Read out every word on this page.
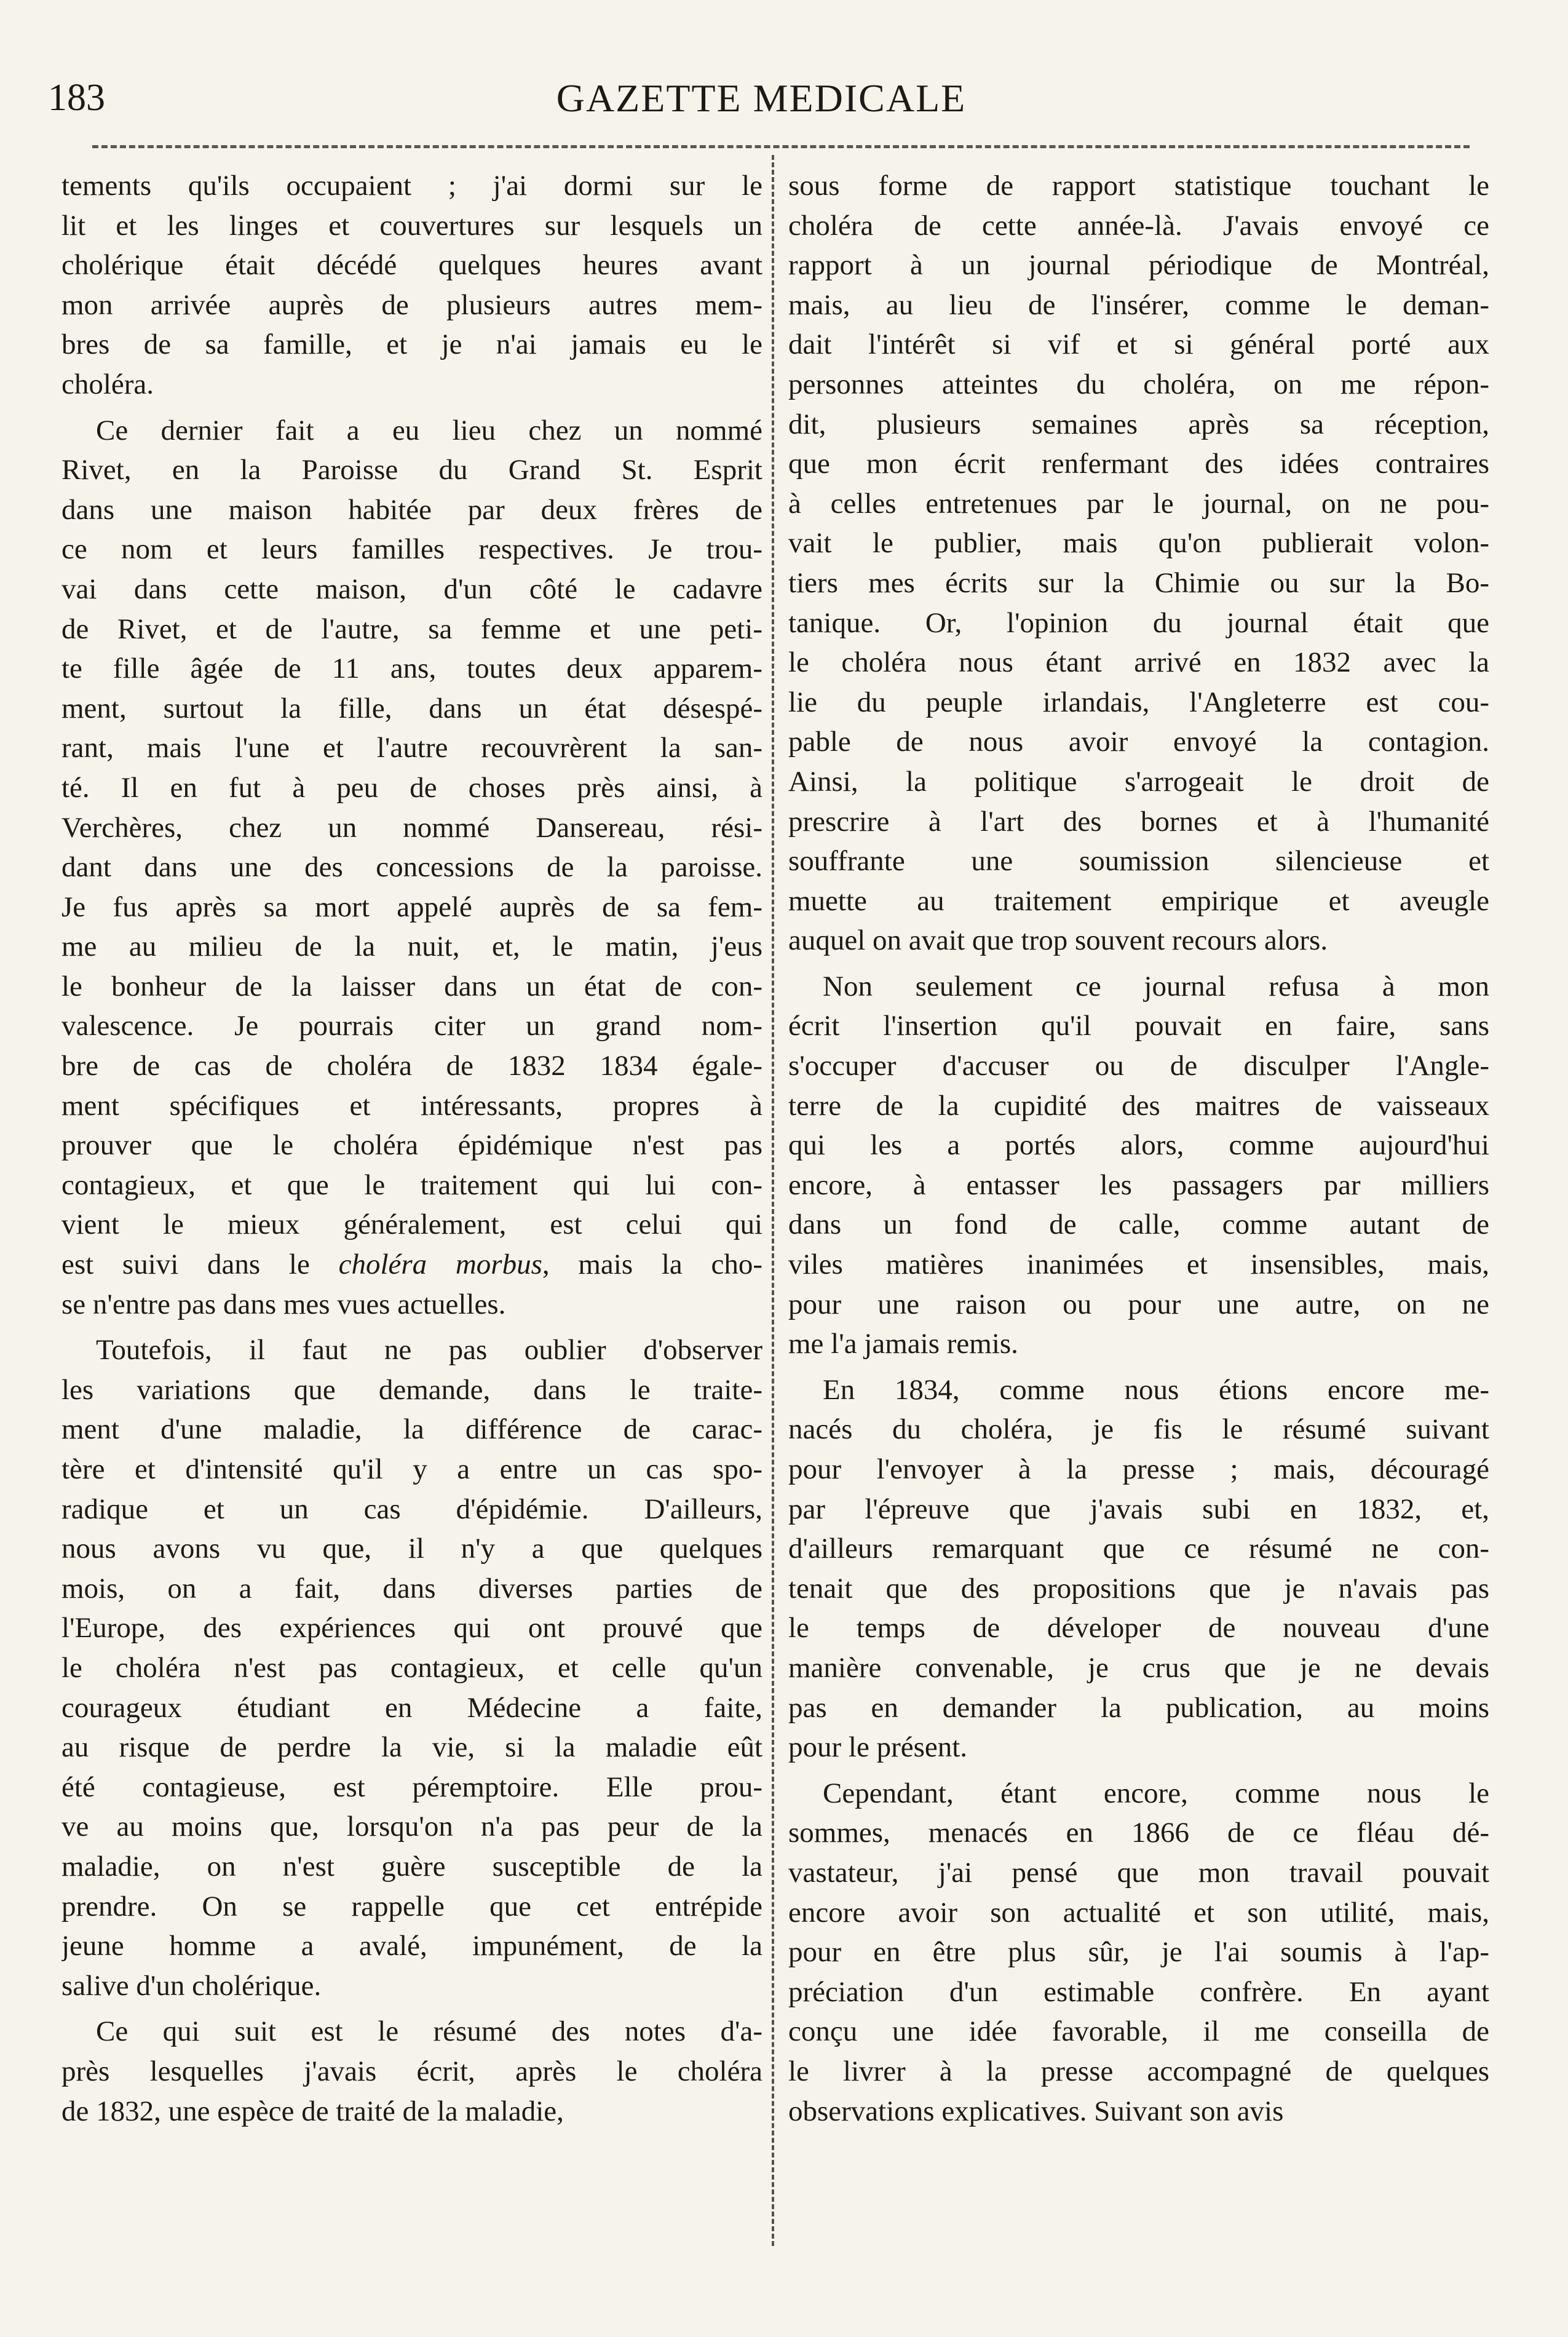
183	GAZETTE MEDICALE

tements qu'ils occupaient ; j'ai dormi sur le
lit et les linges et couvertures sur lesquels un
cholérique était décédé quelques heures avant
mon arrivée auprès de plusieurs autres mem-
bres de sa famille, et je n'ai jamais eu le
choléra.

Ce dernier fait a eu lieu chez un nommé
Rivet, en la Paroisse du Grand St. Esprit
dans une maison habitée par deux frères de
ce nom et leurs familles respectives. Je trou-
vai dans cette maison, d'un côté le cadavre
de Rivet, et de l'autre, sa femme et une peti-
te fille âgée de 11 ans, toutes deux apparem-
ment, surtout la fille, dans un état désespé-
rant, mais l'une et l'autre recouvrèrent la san-
té. Il en fut à peu de choses près ainsi, à
Verchères, chez un nommé Dansereau, rési-
dant dans une des concessions de la paroisse.
Je fus après sa mort appelé auprès de sa fem-
me au milieu de la nuit, et, le matin, j'eus
le bonheur de la laisser dans un état de con-
valescence. Je pourrais citer un grand nom-
bre de cas de choléra de 1832 1834 égale-
ment spécifiques et intéressants, propres à
prouver que le choléra épidémique n'est pas
contagieux, et que le traitement qui lui con-
vient le mieux généralement, est celui qui
est suivi dans le choléra morbus, mais la cho-
se n'entre pas dans mes vues actuelles.

Toutefois, il faut ne pas oublier d'observer
les variations que demande, dans le traite-
ment d'une maladie, la différence de carac-
tère et d'intensité qu'il y a entre un cas spo-
radique et un cas d'épidémie. D'ailleurs,
nous avons vu que, il n'y a que quelques
mois, on a fait, dans diverses parties de
l'Europe, des expériences qui ont prouvé que
le choléra n'est pas contagieux, et celle qu'un
courageux étudiant en Médecine a faite,
au risque de perdre la vie, si la maladie eût
été contagieuse, est péremptoire. Elle prou-
ve au moins que, lorsqu'on n'a pas peur de la
maladie, on n'est guère susceptible de la
prendre. On se rappelle que cet entrépide
jeune homme a avalé, impunément, de la
salive d'un cholérique.

Ce qui suit est le résumé des notes d'a-
près lesquelles j'avais écrit, après le choléra
de 1832, une espèce de traité de la maladie,

sous forme de rapport statistique touchant le
choléra de cette année-là. J'avais envoyé ce
rapport à un journal périodique de Montréal,
mais, au lieu de l'insérer, comme le deman-
dait l'intérêt si vif et si général porté aux
personnes atteintes du choléra, on me répon-
dit, plusieurs semaines après sa réception,
que mon écrit renfermant des idées contraires
à celles entretenues par le journal, on ne pou-
vait le publier, mais qu'on publierait volon-
tiers mes écrits sur la Chimie ou sur la Bo-
tanique. Or, l'opinion du journal était que
le choléra nous étant arrivé en 1832 avec la
lie du peuple irlandais, l'Angleterre est cou-
pable de nous avoir envoyé la contagion.
Ainsi, la politique s'arrogeait le droit de
prescrire à l'art des bornes et à l'humanité
souffrante une soumission silencieuse et
muette au traitement empirique et aveugle
auquel on avait que trop souvent recours alors.

Non seulement ce journal refusa à mon
écrit l'insertion qu'il pouvait en faire, sans
s'occuper d'accuser ou de disculper l'Angle-
terre de la cupidité des maitres de vaisseaux
qui les a portés alors, comme aujourd'hui
encore, à entasser les passagers par milliers
dans un fond de calle, comme autant de
viles matières inanimées et insensibles, mais,
pour une raison ou pour une autre, on ne
me l'a jamais remis.

En 1834, comme nous étions encore me-
nacés du choléra, je fis le résumé suivant
pour l'envoyer à la presse ; mais, découragé
par l'épreuve que j'avais subi en 1832, et,
d'ailleurs remarquant que ce résumé ne con-
tenait que des propositions que je n'avais pas
le temps de déveloper de nouveau d'une
manière convenable, je crus que je ne devais
pas en demander la publication, au moins
pour le présent.

Cependant, étant encore, comme nous le
sommes, menacés en 1866 de ce fléau dé-
vastateur, j'ai pensé que mon travail pouvait
encore avoir son actualité et son utilité, mais,
pour en être plus sûr, je l'ai soumis à l'ap-
préciation d'un estimable confrère. En ayant
conçu une idée favorable, il me conseilla de
le livrer à la presse accompagné de quelques
observations explicatives. Suivant son avis
